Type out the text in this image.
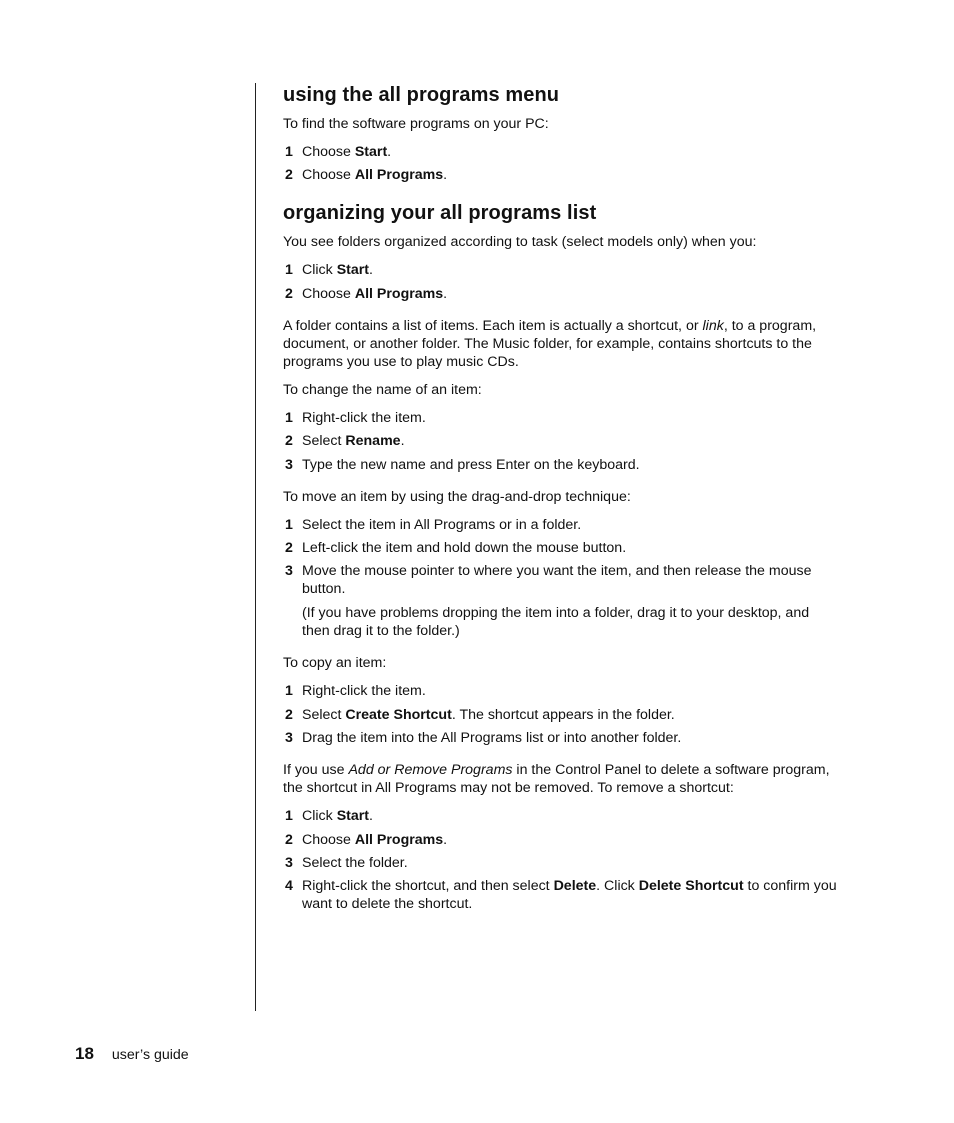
using the all programs menu

To find the software programs on your PC:

1 Choose Start.
2 Choose All Programs.
organizing your all programs list

You see folders organized according to task (select models only) when you:

1 Click Start.
2 Choose All Programs.

A folder contains a list of items. Each item is actually a shortcut, or link, to a program, document, or another folder. The Music folder, for example, contains shortcuts to the programs you use to play music CDs.

To change the name of an item:

1 Right-click the item.
2 Select Rename.
3 Type the new name and press Enter on the keyboard.

To move an item by using the drag-and-drop technique:

1 Select the item in All Programs or in a folder.
2 Left-click the item and hold down the mouse button.
3 Move the mouse pointer to where you want the item, and then release the mouse button.
(If you have problems dropping the item into a folder, drag it to your desktop, and then drag it to the folder.)

To copy an item:

1 Right-click the item.
2 Select Create Shortcut. The shortcut appears in the folder.
3 Drag the item into the All Programs list or into another folder.

If you use Add or Remove Programs in the Control Panel to delete a software program, the shortcut in All Programs may not be removed. To remove a shortcut:

1 Click Start.
2 Choose All Programs.
3 Select the folder.
4 Right-click the shortcut, and then select Delete. Click Delete Shortcut to confirm you want to delete the shortcut.
18 user’s guide
